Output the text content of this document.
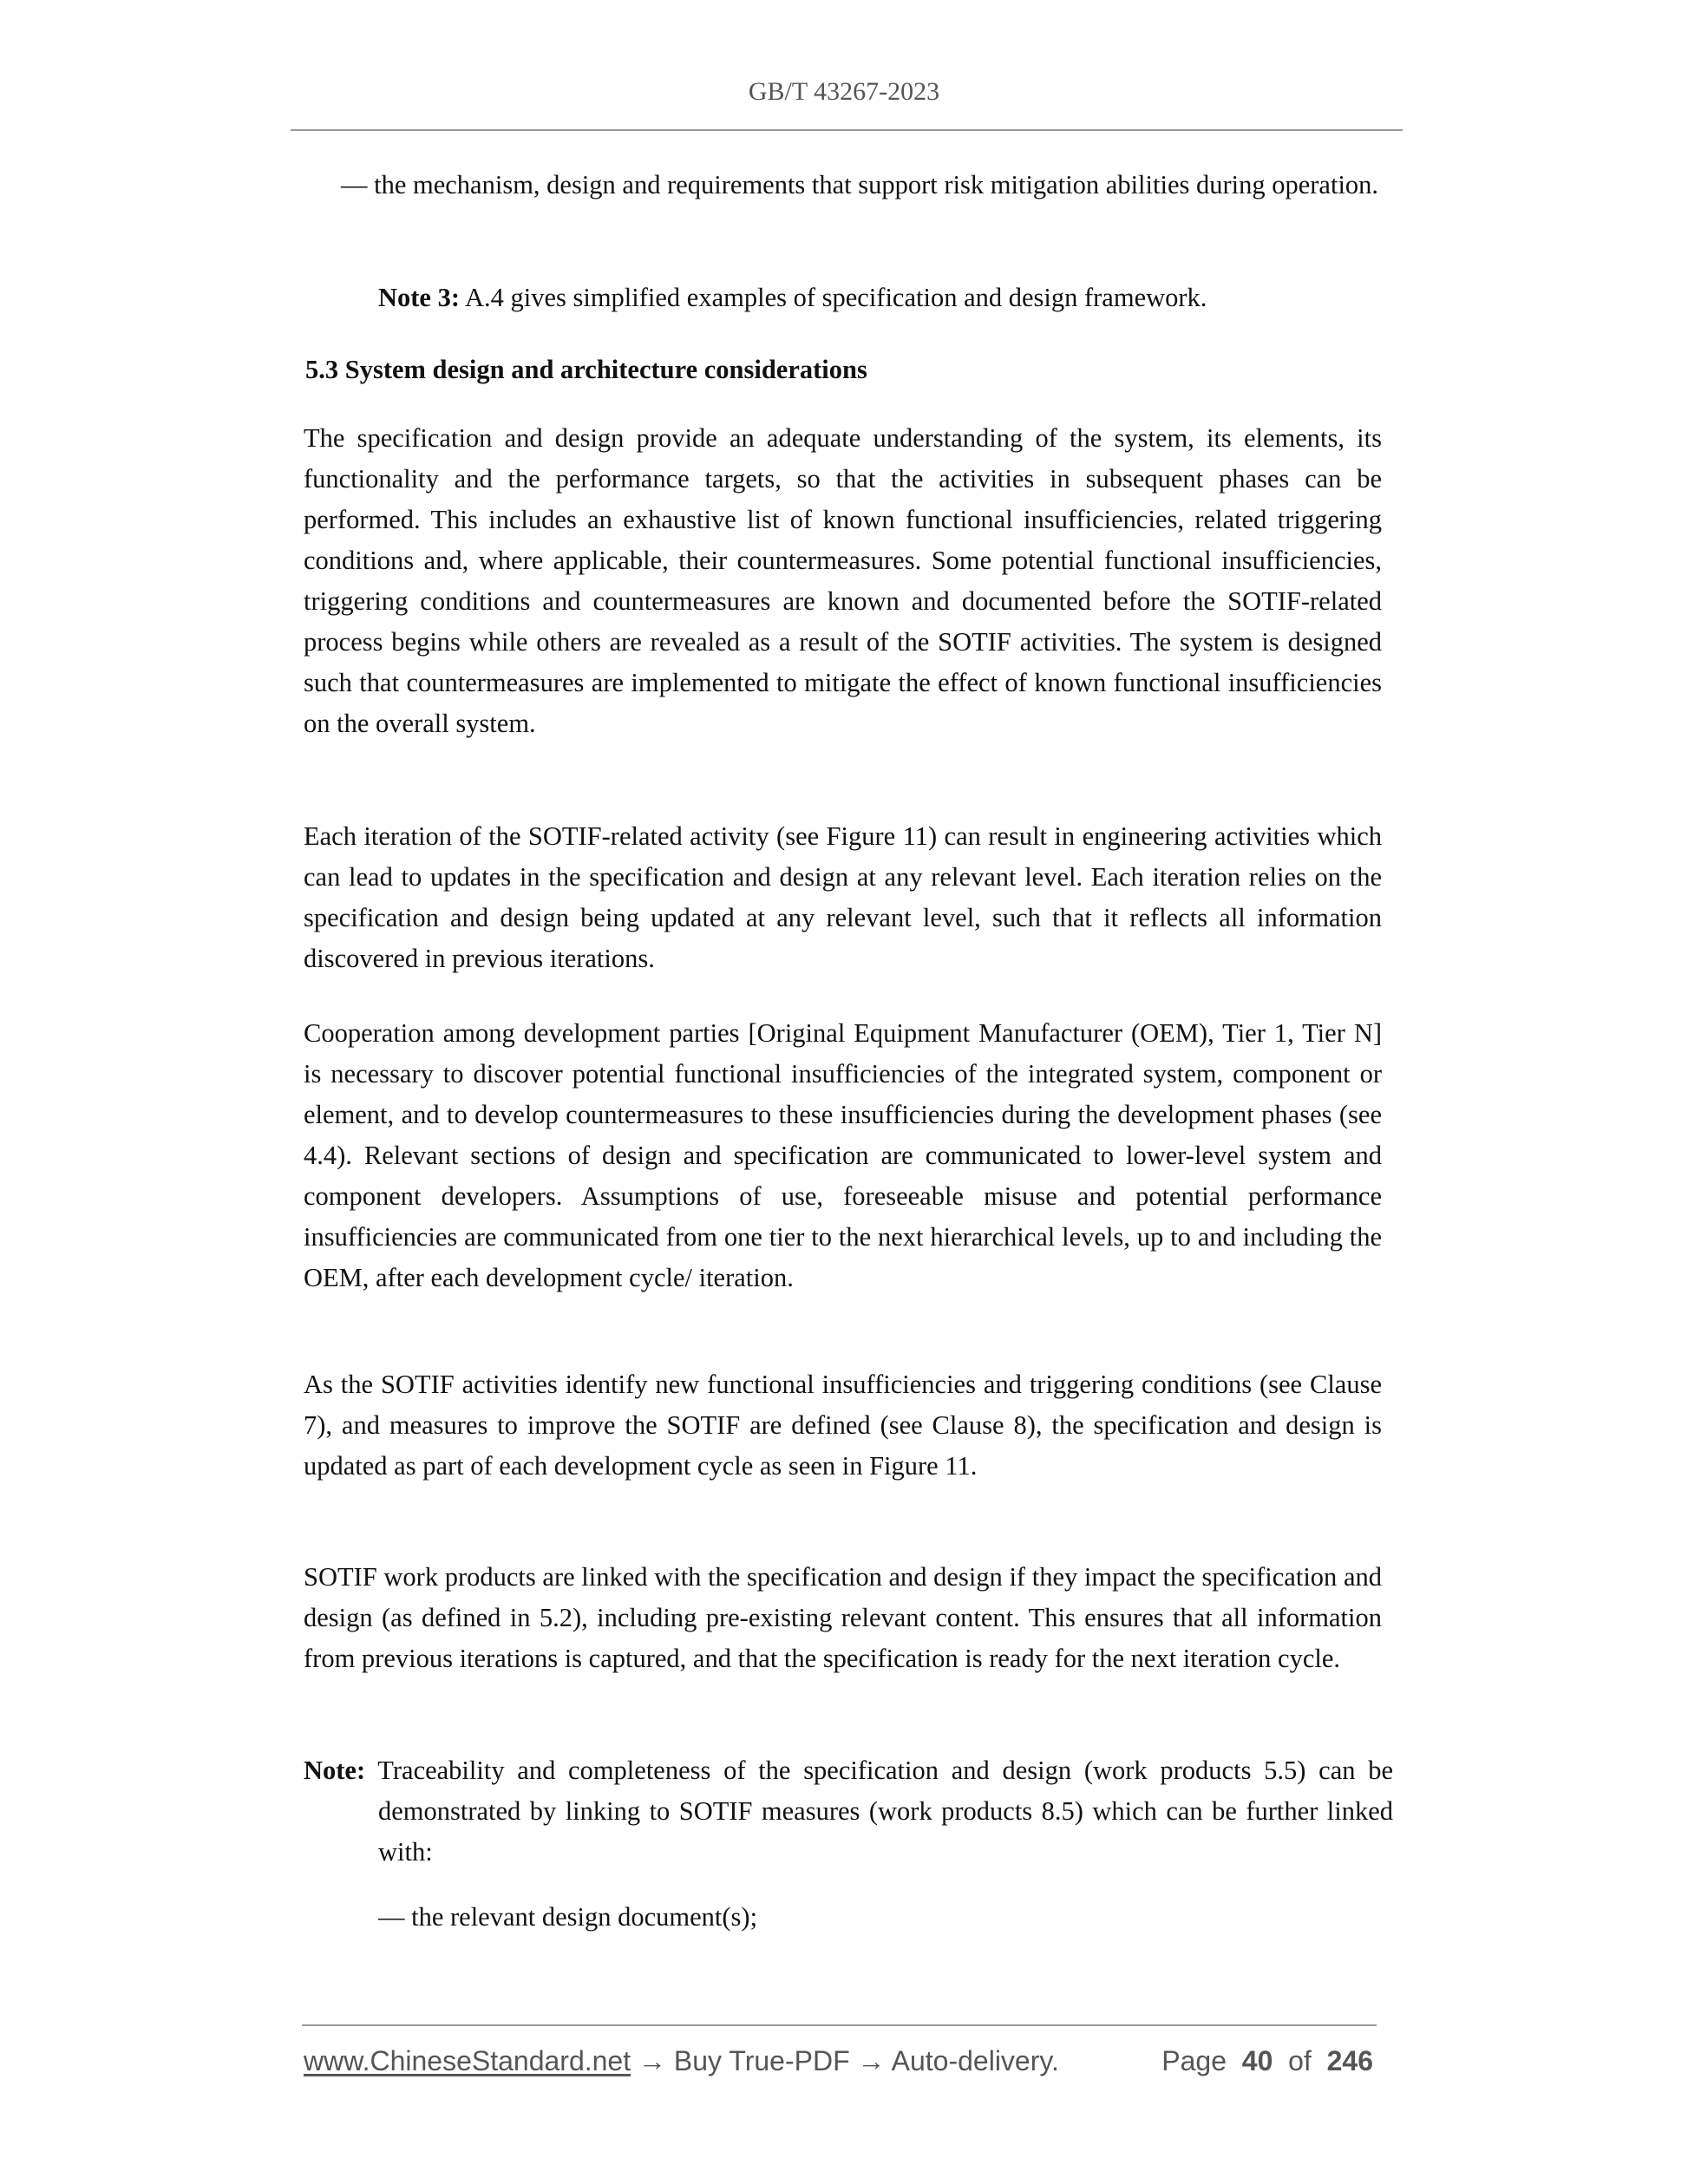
GB/T 43267-2023
— the mechanism, design and requirements that support risk mitigation abilities during operation.
Note 3: A.4 gives simplified examples of specification and design framework.
5.3 System design and architecture considerations

The specification and design provide an adequate understanding of the system, its elements, its functionality and the performance targets, so that the activities in subsequent phases can be performed. This includes an exhaustive list of known functional insufficiencies, related triggering conditions and, where applicable, their countermeasures. Some potential functional insufficiencies, triggering conditions and countermeasures are known and documented before the SOTIF-related process begins while others are revealed as a result of the SOTIF activities. The system is designed such that countermeasures are implemented to mitigate the effect of known functional insufficiencies on the overall system.

Each iteration of the SOTIF-related activity (see Figure 11) can result in engineering activities which can lead to updates in the specification and design at any relevant level. Each iteration relies on the specification and design being updated at any relevant level, such that it reflects all information discovered in previous iterations.

Cooperation among development parties [Original Equipment Manufacturer (OEM), Tier 1, Tier N] is necessary to discover potential functional insufficiencies of the integrated system, component or element, and to develop countermeasures to these insufficiencies during the development phases (see 4.4). Relevant sections of design and specification are communicated to lower-level system and component developers. Assumptions of use, foreseeable misuse and potential performance insufficiencies are communicated from one tier to the next hierarchical levels, up to and including the OEM, after each development cycle/ iteration.

As the SOTIF activities identify new functional insufficiencies and triggering conditions (see Clause 7), and measures to improve the SOTIF are defined (see Clause 8), the specification and design is updated as part of each development cycle as seen in Figure 11.

SOTIF work products are linked with the specification and design if they impact the specification and design (as defined in 5.2), including pre-existing relevant content. This ensures that all information from previous iterations is captured, and that the specification is ready for the next iteration cycle.

Note: Traceability and completeness of the specification and design (work products 5.5) can be demonstrated by linking to SOTIF measures (work products 8.5) which can be further linked with:
— the relevant design document(s);
www.ChineseStandard.net → Buy True-PDF → Auto-delivery.	Page 40 of 246
